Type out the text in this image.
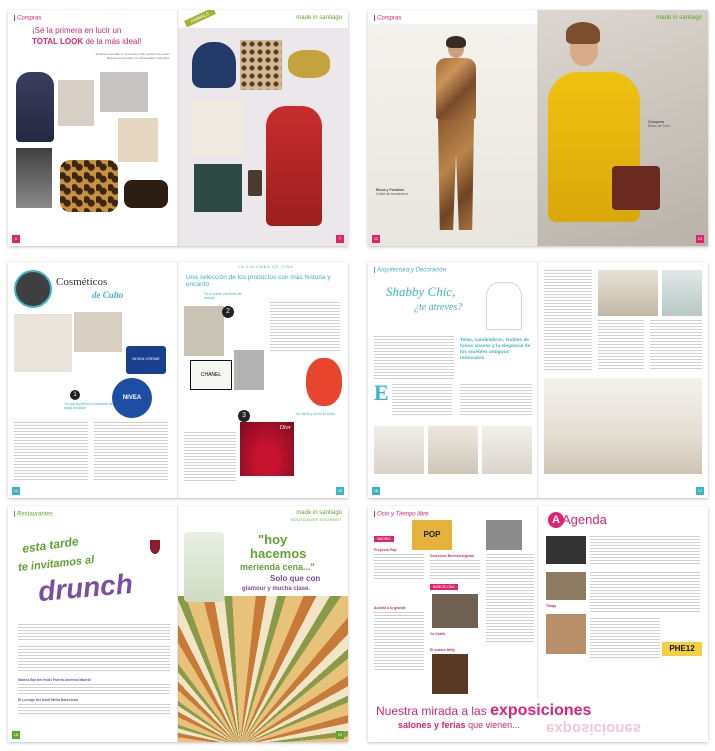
Compras
¡Sé la primera en lucir un
TOTAL LOOK de la más ideal!
Sedimos a la calle en busca del outfit perfecto de otoño. Buscamos prendas con estampados originales.
6
ANIMALS	made in santiago
7
Compras
Blusa y Pantalón
Collar de Accesorize
12
made in santiago
Chaqueta
Bolso de Tous
13
Cosméticos
de Culto
NIVEA CREME
NIVEA
1
Ya que la primera hidratante de larga duración
14
LA COLUMNA DE GINA
Una selección de los productos con más historia y encanto
Tu el primer perfume del mundo
2
CHANEL
3
Dior
Un labial y va en el fondo
15
Arquitectura y Decoración
Shabby Chic,
¿te atreves?
Telas, candelabros, textiles de tonos suaves y la elegancia de los muebles antiguos renovados
E
16	17
Restaurantes
esta tarde
te invitamos al
drunch
Marina Bar del Hotel Puerta América Madrid
El Lounge del hotel Melia Barcelona
18
made in santiago
NOVEDADES GOURMET
"hoy
hacemos
merienda cena..."
Solo que con
glamour y mucha clase.
19
Ocio y Tiempo libre
POP
MADRID
Proyecto Pop
Colección Bermejoregister
Austria a lo grande
BARCELONA
Yo Grafis
El cráneo Helly
A Agenda
Tinaja
PHE12
Nuestra mirada a las exposiciones
salones y ferias que vienen... exposiciones
